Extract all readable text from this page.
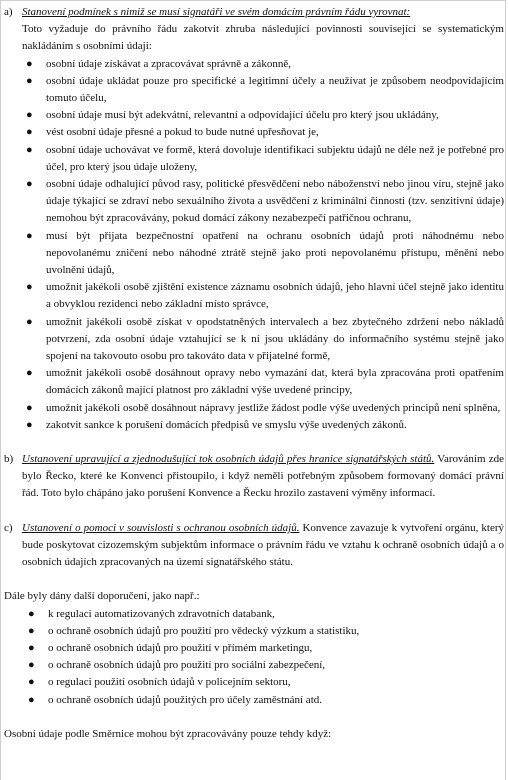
a) Stanovení podmínek s nimiž se musí signatáři ve svém domácím právním řádu vyrovnat:
Toto vyžaduje do právního řádu zakotvit zhruba následující povinnosti související se systematickým nakládáním s osobními údaji:
● osobní údaje získávat a zpracovávat správně a zákonně,
● osobní údaje ukládat pouze pro specifické a legitimní účely a neužívat je způsobem neodpovídajícím tomuto účelu,
● osobní údaje musí být adekvátní, relevantní a odpovídající účelu pro který jsou ukládány,
● vést osobní údaje přesné a pokud to bude nutné upřesňovat je,
● osobní údaje uchovávat ve formě, která dovoluje identifikaci subjektu údajů ne déle než je potřebné pro účel, pro který jsou údaje uloženy,
● osobní údaje odhalující původ rasy, politické přesvědčení nebo náboženství nebo jinou víru, stejně jako údaje týkající se zdraví nebo sexuálního života a usvědčení z kriminální činnosti (tzv. senzitivní údaje) nemohou být zpracovávány, pokud domácí zákony nezabezpečí patřičnou ochranu,
● musí být přijata bezpečnostní opatření na ochranu osobních údajů proti náhodnému nebo nepovolanému zničení nebo náhodné ztrátě stejně jako proti nepovolanému přístupu, měnění nebo uvolnění údajů,
● umožnit jakékoli osobě zjištění existence záznamu osobních údajů, jeho hlavní účel stejně jako identitu a obvyklou rezidenci nebo základní místo správce,
● umožnit jakékoli osobě získat v opodstatněných intervalech a bez zbytečného zdržení nebo nákladů potvrzení, zda osobní údaje vztahující se k ní jsou ukládány do informačního systému stejně jako spojení na takovouto osobu pro takováto data v přijatelné formě,
● umožnit jakékoli osobě dosáhnout opravy nebo vymazání dat, která byla zpracována proti opatřením domácích zákonů mající platnost pro základní výše uvedené principy,
● umožnit jakékoli osobě dosáhnout nápravy jestliže žádost podle výše uvedených principů není splněna,
● zakotvit sankce k porušení domácích předpisů ve smyslu výše uvedených zákonů.
b) Ustanovení upravující a zjednodušující tok osobních údajů přes hranice signatářských států. Varováním zde bylo Řecko, které ke Konvenci přistoupilo, i když neměli potřebným způsobem formovaný domácí právní řád. Toto bylo chápáno jako porušení Konvence a Řecku hrozilo zastavení výměny informací.
c) Ustanovení o pomoci v souvislosti s ochranou osobních údajů. Konvence zavazuje k vytvoření orgánu, který bude poskytovat cizozemským subjektům informace o právním řádu ve vztahu k ochraně osobních údajů a o osobních údajích zpracovaných na území signatářského státu.
Dále byly dány další doporučení, jako např.:
● k regulaci automatizovaných zdravotních databank,
● o ochraně osobních údajů pro použití pro vědecký výzkum a statistiku,
● o ochraně osobních údajů pro použití v přímém marketingu,
● o ochraně osobních údajů pro použití pro sociální zabezpečení,
● o regulaci použití osobních údajů v policejním sektoru,
● o ochraně osobních údajů použitých pro účely zaměstnání atd.
Osobní údaje podle Směrnice mohou být zpracovávány pouze tehdy když:
